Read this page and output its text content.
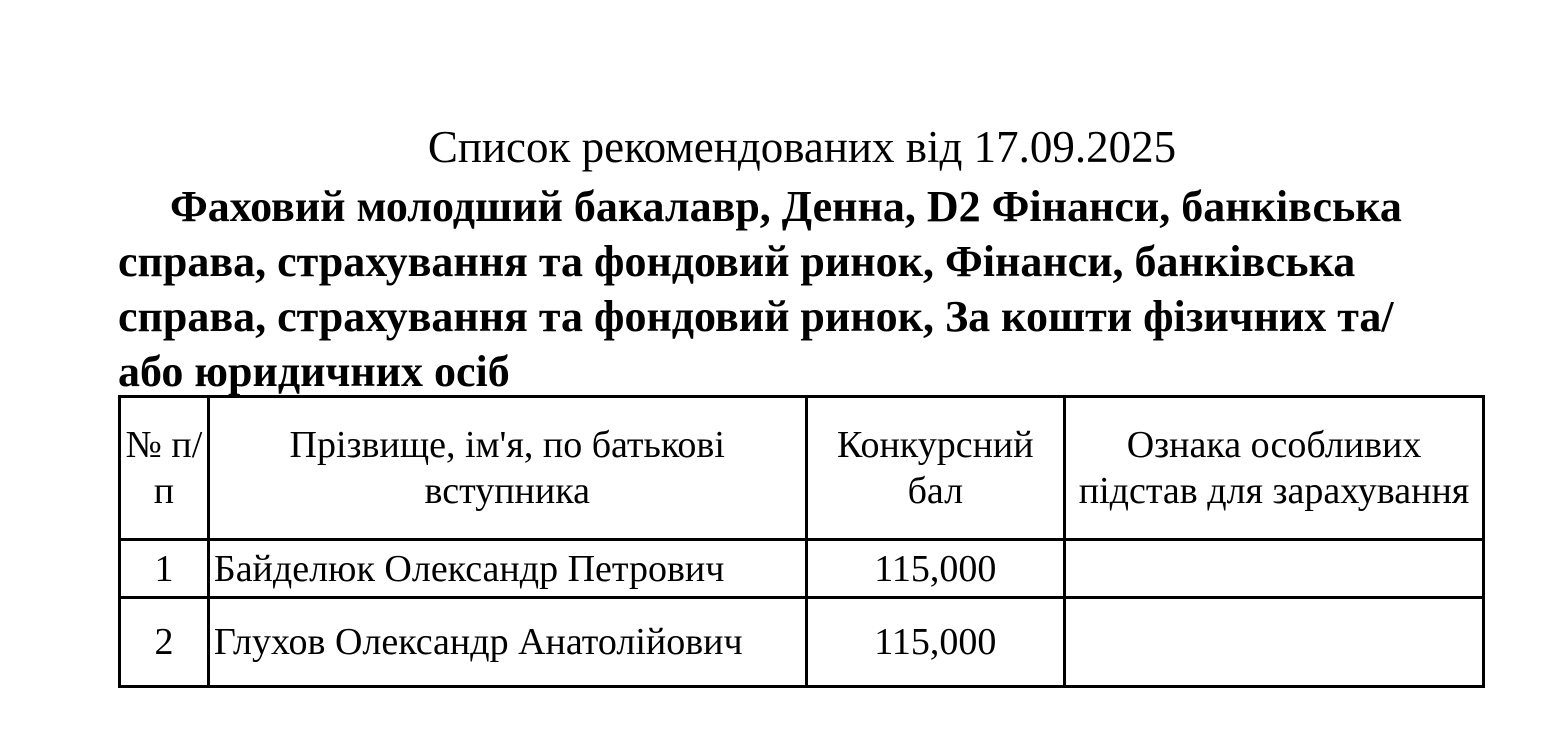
Список рекомендованих від 17.09.2025

Фаховий молодший бакалавр, Денна, D2 Фінанси, банківська справа, страхування та фондовий ринок, Фінанси, банківська справа, страхування та фондовий ринок, За кошти фізичних та/або юридичних осіб

№ п/п	Прізвище, ім'я, по батькові вступника	Конкурсний бал	Ознака особливих підстав для зарахування
1	Байделюк Олександр Петрович	115,000	
2	Глухов Олександр Анатолійович	115,000	
